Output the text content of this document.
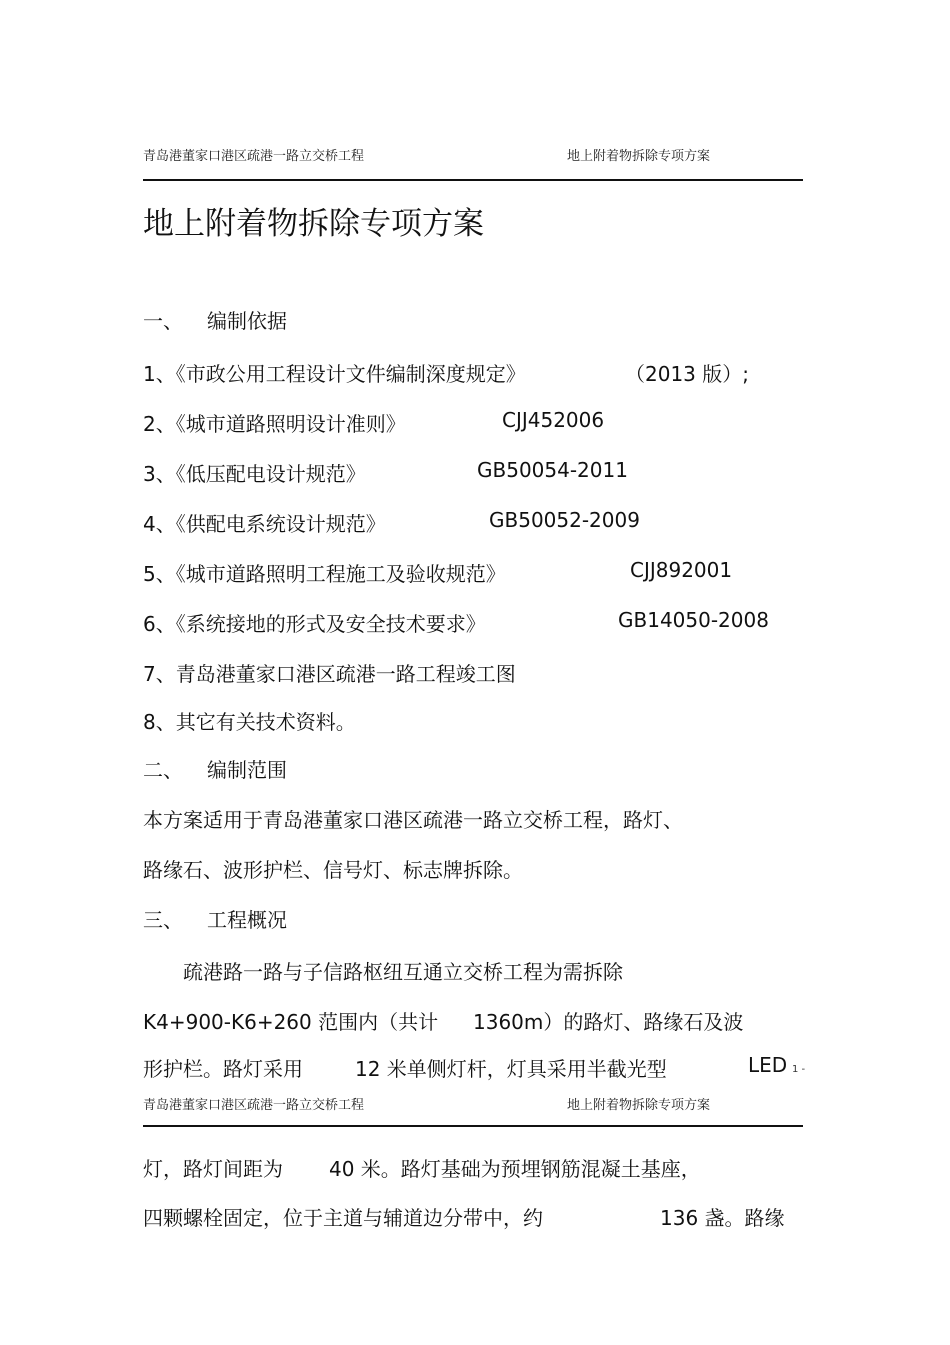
青岛港董家口港区疏港一路立交桥工程	地上附着物拆除专项方案
地上附着物拆除专项方案
一、 编制依据
1、《市政公用工程设计文件编制深度规定》	（2013 版）;
2、《城市道路照明设计准则》	CJJ452006
3、《低压配电设计规范》	GB50054-2011
4、《供配电系统设计规范》	GB50052-2009
5、《城市道路照明工程施工及验收规范》	CJJ892001
6、《系统接地的形式及安全技术要求》	GB14050-2008
7、青岛港董家口港区疏港一路工程竣工图
8、其它有关技术资料。
二、 编制范围
本方案适用于青岛港董家口港区疏港一路立交桥工程，路灯、
路缘石、波形护栏、信号灯、标志牌拆除。
三、 工程概况
疏港路一路与子信路枢纽互通立交桥工程为需拆除
K4+900-K6+260 范围内（共计 1360m）的路灯、路缘石及波
形护栏。路灯采用	12 米单侧灯杆，灯具采用半截光型	LED 1 -
青岛港董家口港区疏港一路立交桥工程	地上附着物拆除专项方案
灯，路灯间距为 40 米。路灯基础为预埋钢筋混凝土基座，
四颗螺栓固定，位于主道与辅道边分带中，约	136 盏。路缘
